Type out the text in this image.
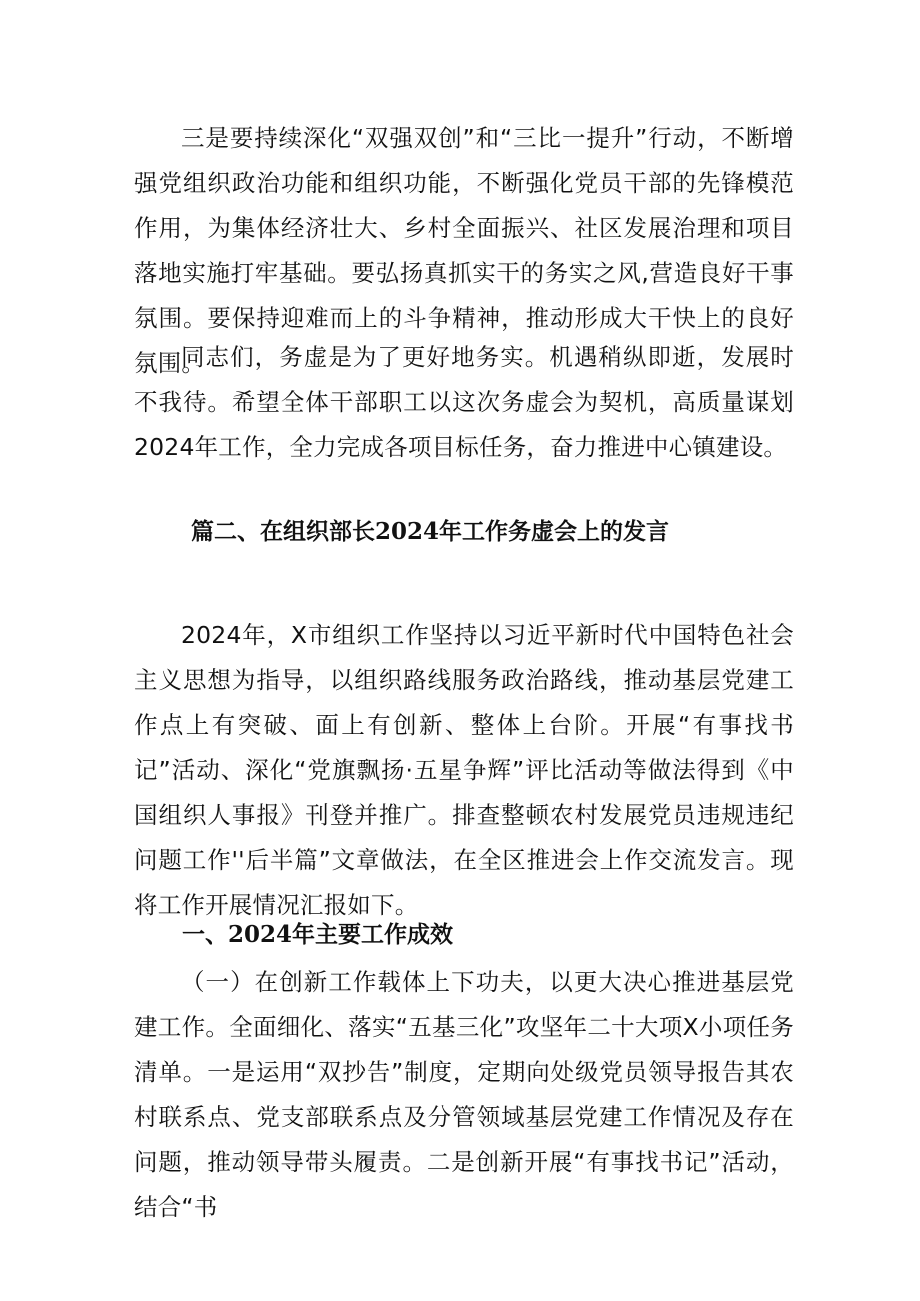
三是要持续深化“双强双创”和“三比一提升”行动，不断增强党组织政治功能和组织功能，不断强化党员干部的先锋模范作用，为集体经济壮大、乡村全面振兴、社区发展治理和项目落地实施打牢基础。要弘扬真抓实干的务实之风,营造良好干事氛围。要保持迎难而上的斗争精神，推动形成大干快上的良好氛围。

同志们，务虚是为了更好地务实。机遇稍纵即逝，发展时不我待。希望全体干部职工以这次务虚会为契机，高质量谋划2024年工作，全力完成各项目标任务，奋力推进中心镇建设。

篇二、在组织部长2024年工作务虚会上的发言

2024年，X市组织工作坚持以习近平新时代中国特色社会主义思想为指导，以组织路线服务政治路线，推动基层党建工作点上有突破、面上有创新、整体上台阶。开展“有事找书记”活动、深化“党旗飘扬·五星争辉”评比活动等做法得到《中国组织人事报》刊登并推广。排查整顿农村发展党员违规违纪问题工作''后半篇”文章做法，在全区推进会上作交流发言。现将工作开展情况汇报如下。

一、2024年主要工作成效

（一）在创新工作载体上下功夫，以更大决心推进基层党建工作。全面细化、落实“五基三化”攻坚年二十大项X小项任务清单。一是运用“双抄告”制度，定期向处级党员领导报告其农村联系点、党支部联系点及分管领域基层党建工作情况及存在问题，推动领导带头履责。二是创新开展“有事找书记”活动，结合“书
